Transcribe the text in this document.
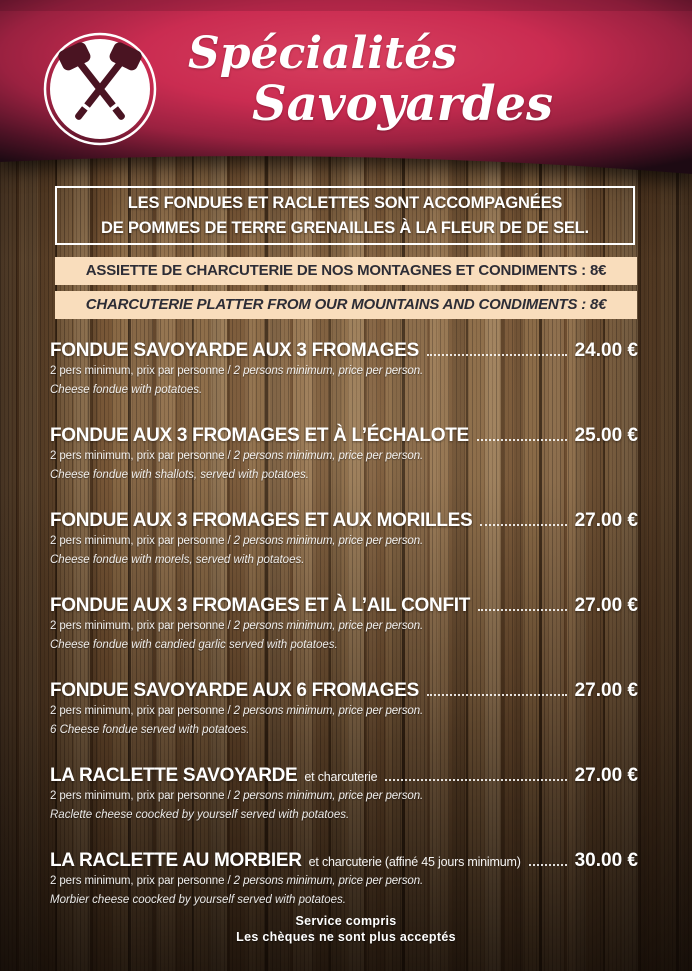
Spécialités
Savoyardes
LES FONDUES ET RACLETTES SONT ACCOMPAGNÉES
DE POMMES DE TERRE GRENAILLES À LA FLEUR DE DE SEL.
ASSIETTE DE CHARCUTERIE DE NOS MONTAGNES ET CONDIMENTS : 8€
CHARCUTERIE PLATTER FROM OUR MOUNTAINS AND CONDIMENTS : 8€
FONDUE SAVOYARDE AUX 3 FROMAGES	24.00 €
2 pers minimum, prix par personne / 2 persons minimum, price per person.
Cheese fondue with potatoes.
FONDUE AUX 3 FROMAGES ET À L’ÉCHALOTE	25.00 €
2 pers minimum, prix par personne / 2 persons minimum, price per person.
Cheese fondue with shallots, served with potatoes.
FONDUE AUX 3 FROMAGES ET AUX MORILLES	27.00 €
2 pers minimum, prix par personne / 2 persons minimum, price per person.
Cheese fondue with morels, served with potatoes.
FONDUE AUX 3 FROMAGES ET À L’AIL CONFIT	27.00 €
2 pers minimum, prix par personne / 2 persons minimum, price per person.
Cheese fondue with candied garlic served with potatoes.
FONDUE SAVOYARDE AUX 6 FROMAGES	27.00 €
2 pers minimum, prix par personne / 2 persons minimum, price per person.
6 Cheese fondue served with potatoes.
LA RACLETTE SAVOYARDE et charcuterie	27.00 €
2 pers minimum, prix par personne / 2 persons minimum, price per person.
Raclette cheese coocked by yourself served with potatoes.
LA RACLETTE AU MORBIER et charcuterie (affiné 45 jours minimum)	30.00 €
2 pers minimum, prix par personne / 2 persons minimum, price per person.
Morbier cheese coocked by yourself served with potatoes.
Service compris
Les chèques ne sont plus acceptés
